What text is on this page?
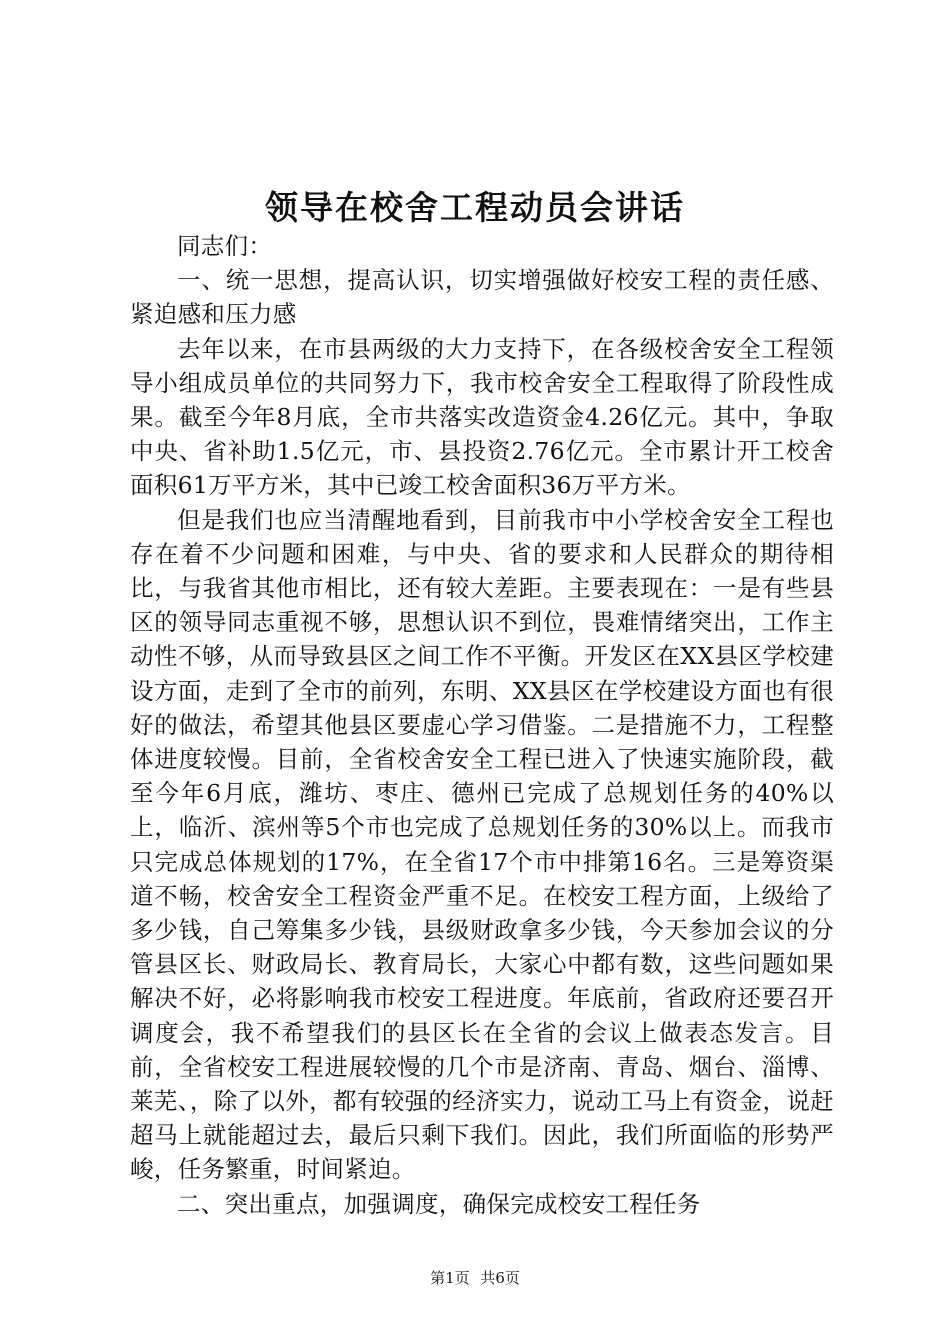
领导在校舍工程动员会讲话

同志们：

一、统一思想，提高认识，切实增强做好校安工程的责任感、紧迫感和压力感

去年以来，在市县两级的大力支持下，在各级校舍安全工程领导小组成员单位的共同努力下，我市校舍安全工程取得了阶段性成果。截至今年8月底，全市共落实改造资金4.26亿元。其中，争取中央、省补助1.5亿元，市、县投资2.76亿元。全市累计开工校舍面积61万平方米，其中已竣工校舍面积36万平方米。

但是我们也应当清醒地看到，目前我市中小学校舍安全工程也存在着不少问题和困难，与中央、省的要求和人民群众的期待相比，与我省其他市相比，还有较大差距。主要表现在：一是有些县区的领导同志重视不够，思想认识不到位，畏难情绪突出，工作主动性不够，从而导致县区之间工作不平衡。开发区在XX县区学校建设方面，走到了全市的前列，东明、XX县区在学校建设方面也有很好的做法，希望其他县区要虚心学习借鉴。二是措施不力，工程整体进度较慢。目前，全省校舍安全工程已进入了快速实施阶段，截至今年6月底，潍坊、枣庄、德州已完成了总规划任务的40%以上，临沂、滨州等5个市也完成了总规划任务的30%以上。而我市只完成总体规划的17%，在全省17个市中排第16名。三是筹资渠道不畅，校舍安全工程资金严重不足。在校安工程方面，上级给了多少钱，自己筹集多少钱，县级财政拿多少钱，今天参加会议的分管县区长、财政局长、教育局长，大家心中都有数，这些问题如果解决不好，必将影响我市校安工程进度。年底前，省政府还要召开调度会，我不希望我们的县区长在全省的会议上做表态发言。目前，全省校安工程进展较慢的几个市是济南、青岛、烟台、淄博、莱芜、，除了以外，都有较强的经济实力，说动工马上有资金，说赶超马上就能超过去，最后只剩下我们。因此，我们所面临的形势严峻，任务繁重，时间紧迫。

二、突出重点，加强调度，确保完成校安工程任务

第1页 共6页
